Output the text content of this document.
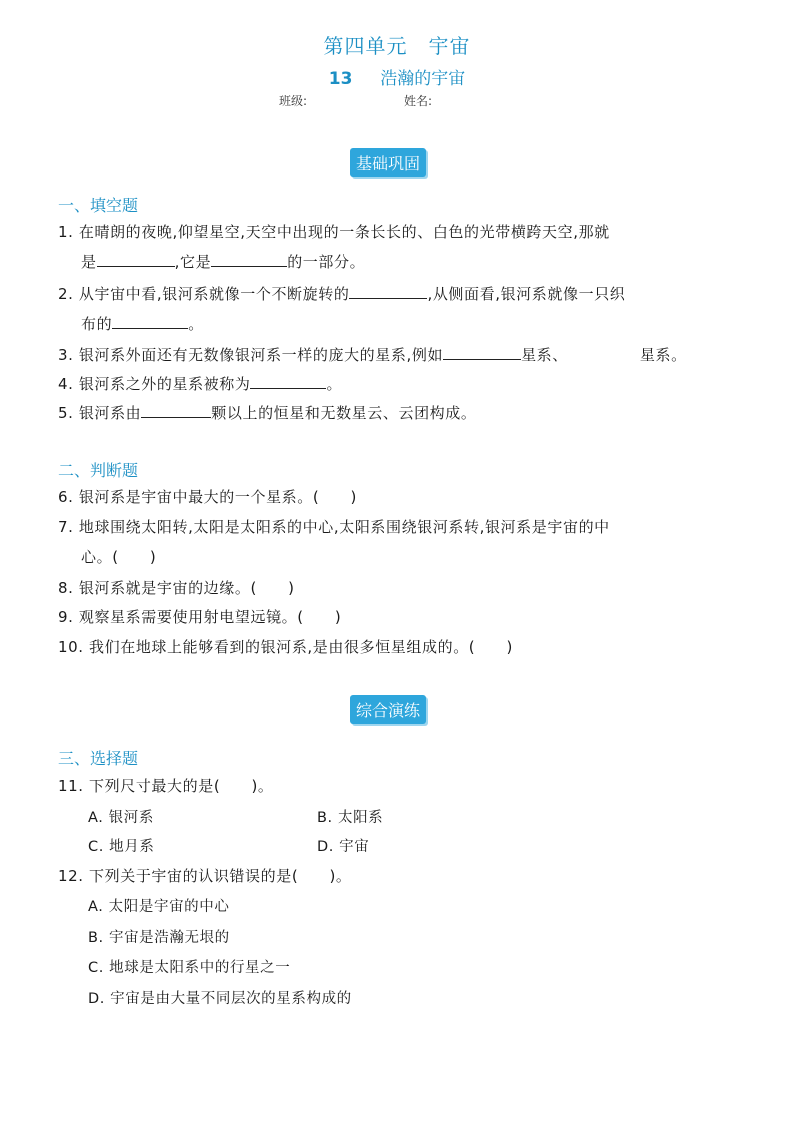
第四单元　宇宙
13 浩瀚的宇宙
班级:	姓名:
基础巩固
一、填空题
1. 在晴朗的夜晚,仰望星空,天空中出现的一条长长的、白色的光带横跨天空,那就
是	,它是	的一部分。
2. 从宇宙中看,银河系就像一个不断旋转的	,从侧面看,银河系就像一只织
布的	。
3. 银河系外面还有无数像银河系一样的庞大的星系,例如	星系、	星系。
4. 银河系之外的星系被称为	。
5. 银河系由	颗以上的恒星和无数星云、云团构成。
二、判断题
6. 银河系是宇宙中最大的一个星系。(　　)
7. 地球围绕太阳转,太阳是太阳系的中心,太阳系围绕银河系转,银河系是宇宙的中
心。(　　)
8. 银河系就是宇宙的边缘。(　　)
9. 观察星系需要使用射电望远镜。(　　)
10. 我们在地球上能够看到的银河系,是由很多恒星组成的。(　　)
综合演练
三、选择题
11. 下列尺寸最大的是(　　)。
A. 银河系	B. 太阳系
C. 地月系	D. 宇宙
12. 下列关于宇宙的认识错误的是(　　)。
A. 太阳是宇宙的中心
B. 宇宙是浩瀚无垠的
C. 地球是太阳系中的行星之一
D. 宇宙是由大量不同层次的星系构成的
